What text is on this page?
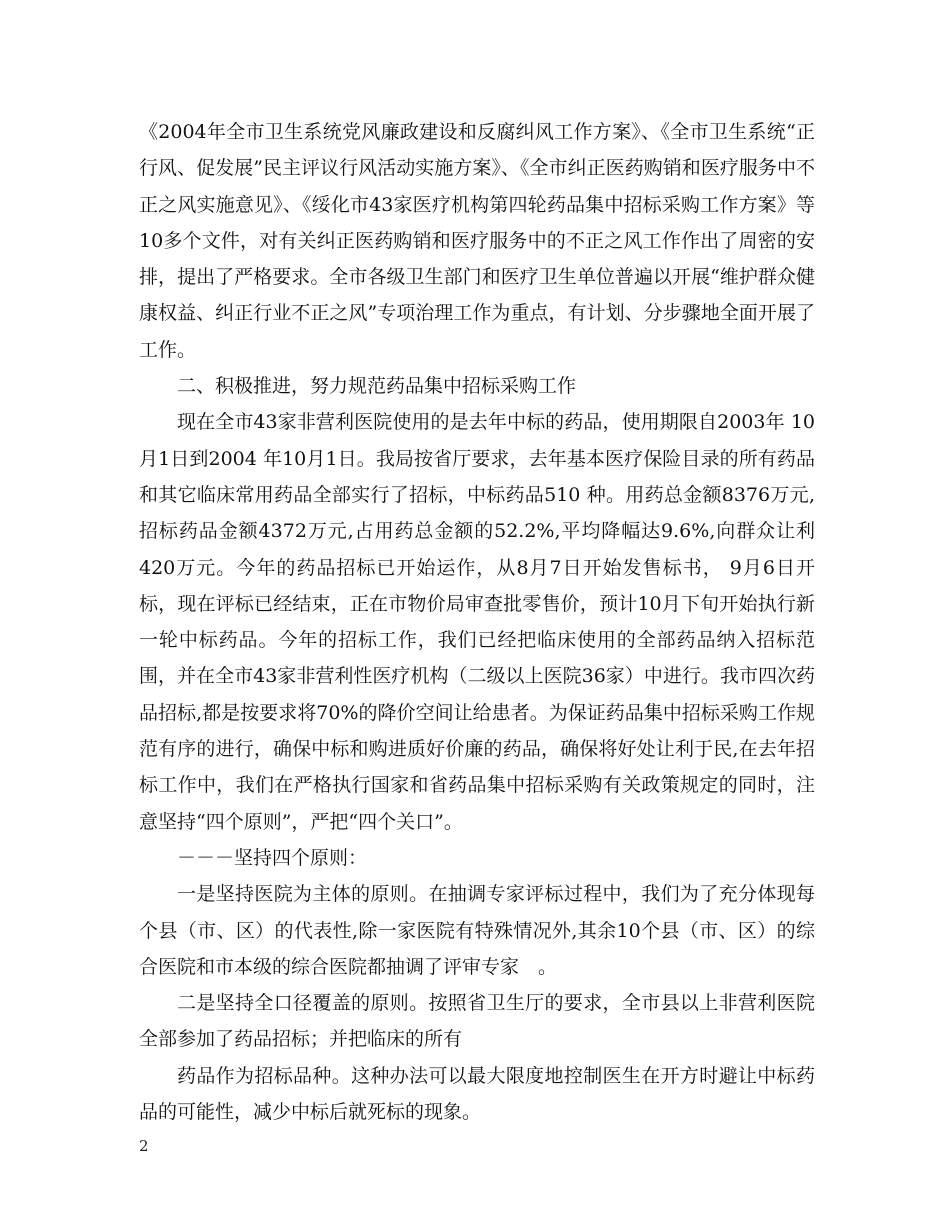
《2004年全市卫生系统党风廉政建设和反腐纠风工作方案》、《全市卫生系统“正行风、促发展”民主评议行风活动实施方案》、《全市纠正医药购销和医疗服务中不正之风实施意见》、《绥化市43家医疗机构第四轮药品集中招标采购工作方案》等10多个文件，对有关纠正医药购销和医疗服务中的不正之风工作作出了周密的安排，提出了严格要求。全市各级卫生部门和医疗卫生单位普遍以开展“维护群众健康权益、纠正行业不正之风”专项治理工作为重点，有计划、分步骤地全面开展了工作。

二、积极推进，努力规范药品集中招标采购工作

现在全市43家非营利医院使用的是去年中标的药品，使用期限自2003年 10月1日到2004 年10月1日。我局按省厅要求，去年基本医疗保险目录的所有药品和其它临床常用药品全部实行了招标，中标药品510 种。用药总金额8376万元,招标药品金额4372万元,占用药总金额的52.2%,平均降幅达9.6%,向群众让利420万元。今年的药品招标已开始运作，从8月7日开始发售标书， 9月6日开标，现在评标已经结束，正在市物价局审查批零售价，预计10月下旬开始执行新一轮中标药品。今年的招标工作，我们已经把临床使用的全部药品纳入招标范围，并在全市43家非营利性医疗机构（二级以上医院36家）中进行。我市四次药品招标,都是按要求将70%的降价空间让给患者。为保证药品集中招标采购工作规范有序的进行，确保中标和购进质好价廉的药品，确保将好处让利于民,在去年招标工作中，我们在严格执行国家和省药品集中招标采购有关政策规定的同时，注意坚持“四个原则”，严把“四个关口”。

－－－坚持四个原则：

一是坚持医院为主体的原则。在抽调专家评标过程中，我们为了充分体现每个县（市、区）的代表性,除一家医院有特殊情况外,其余10个县（市、区）的综合医院和市本级的综合医院都抽调了评审专家　。

二是坚持全口径覆盖的原则。按照省卫生厅的要求，全市县以上非营利医院全部参加了药品招标；并把临床的所有

药品作为招标品种。这种办法可以最大限度地控制医生在开方时避让中标药品的可能性，减少中标后就死标的现象。

2
